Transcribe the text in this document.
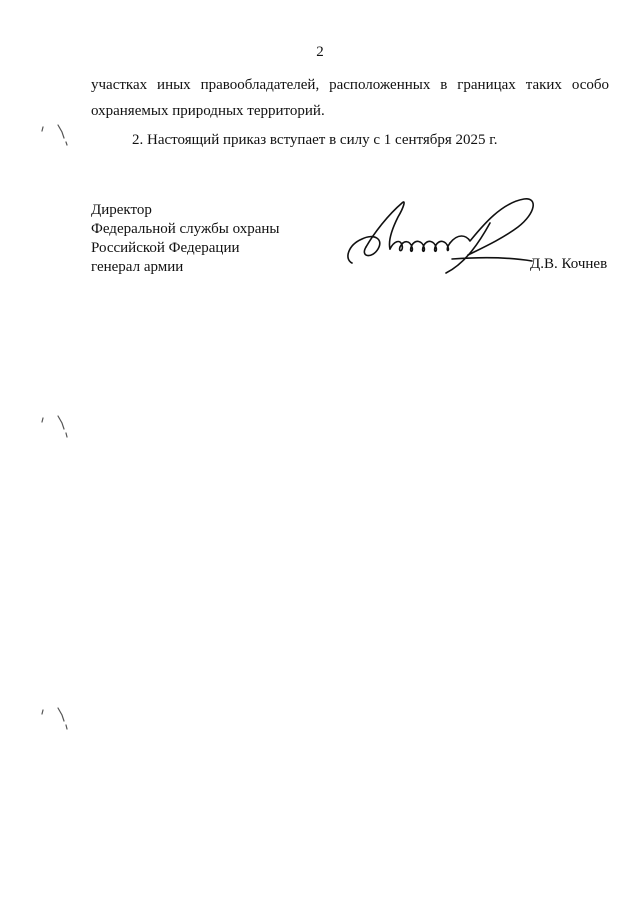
2
участках иных правообладателей, расположенных в границах таких особо охраняемых природных территорий.
2. Настоящий приказ вступает в силу с 1 сентября 2025 г.
Директор
Федеральной службы охраны
Российской Федерации
генерал армии	Д.В. Кочнев
